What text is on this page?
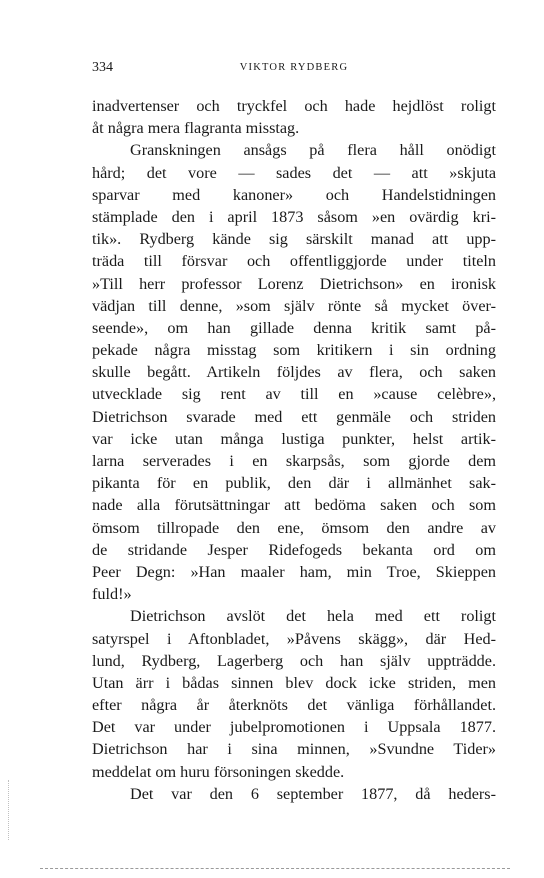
334	VIKTOR RYDBERG
inadvertenser och tryckfel och hade hejdlöst roligt
åt några mera flagranta misstag.
Granskningen ansågs på flera håll onödigt
hård; det vore — sades det — att »skjuta
sparvar med kanoner» och Handelstidningen
stämplade den i april 1873 såsom »en ovärdig kri-
tik». Rydberg kände sig särskilt manad att upp-
träda till försvar och offentliggjorde under titeln
»Till herr professor Lorenz Dietrichson» en ironisk
vädjan till denne, »som själv rönte så mycket över-
seende», om han gillade denna kritik samt på-
pekade några misstag som kritikern i sin ordning
skulle begått. Artikeln följdes av flera, och saken
utvecklade sig rent av till en »cause celèbre»,
Dietrichson svarade med ett genmäle och striden
var icke utan många lustiga punkter, helst artik-
larna serverades i en skarpsås, som gjorde dem
pikanta för en publik, den där i allmänhet sak-
nade alla förutsättningar att bedöma saken och som
ömsom tillropade den ene, ömsom den andre av
de stridande Jesper Ridefogeds bekanta ord om
Peer Degn: »Han maaler ham, min Troe, Skieppen
fuld!»
Dietrichson avslöt det hela med ett roligt
satyrspel i Aftonbladet, »Påvens skägg», där Hed-
lund, Rydberg, Lagerberg och han själv uppträdde.
Utan ärr i bådas sinnen blev dock icke striden, men
efter några år återknöts det vänliga förhållandet.
Det var under jubelpromotionen i Uppsala 1877.
Dietrichson har i sina minnen, »Svundne Tider»
meddelat om huru försoningen skedde.
Det var den 6 september 1877, då heders-
